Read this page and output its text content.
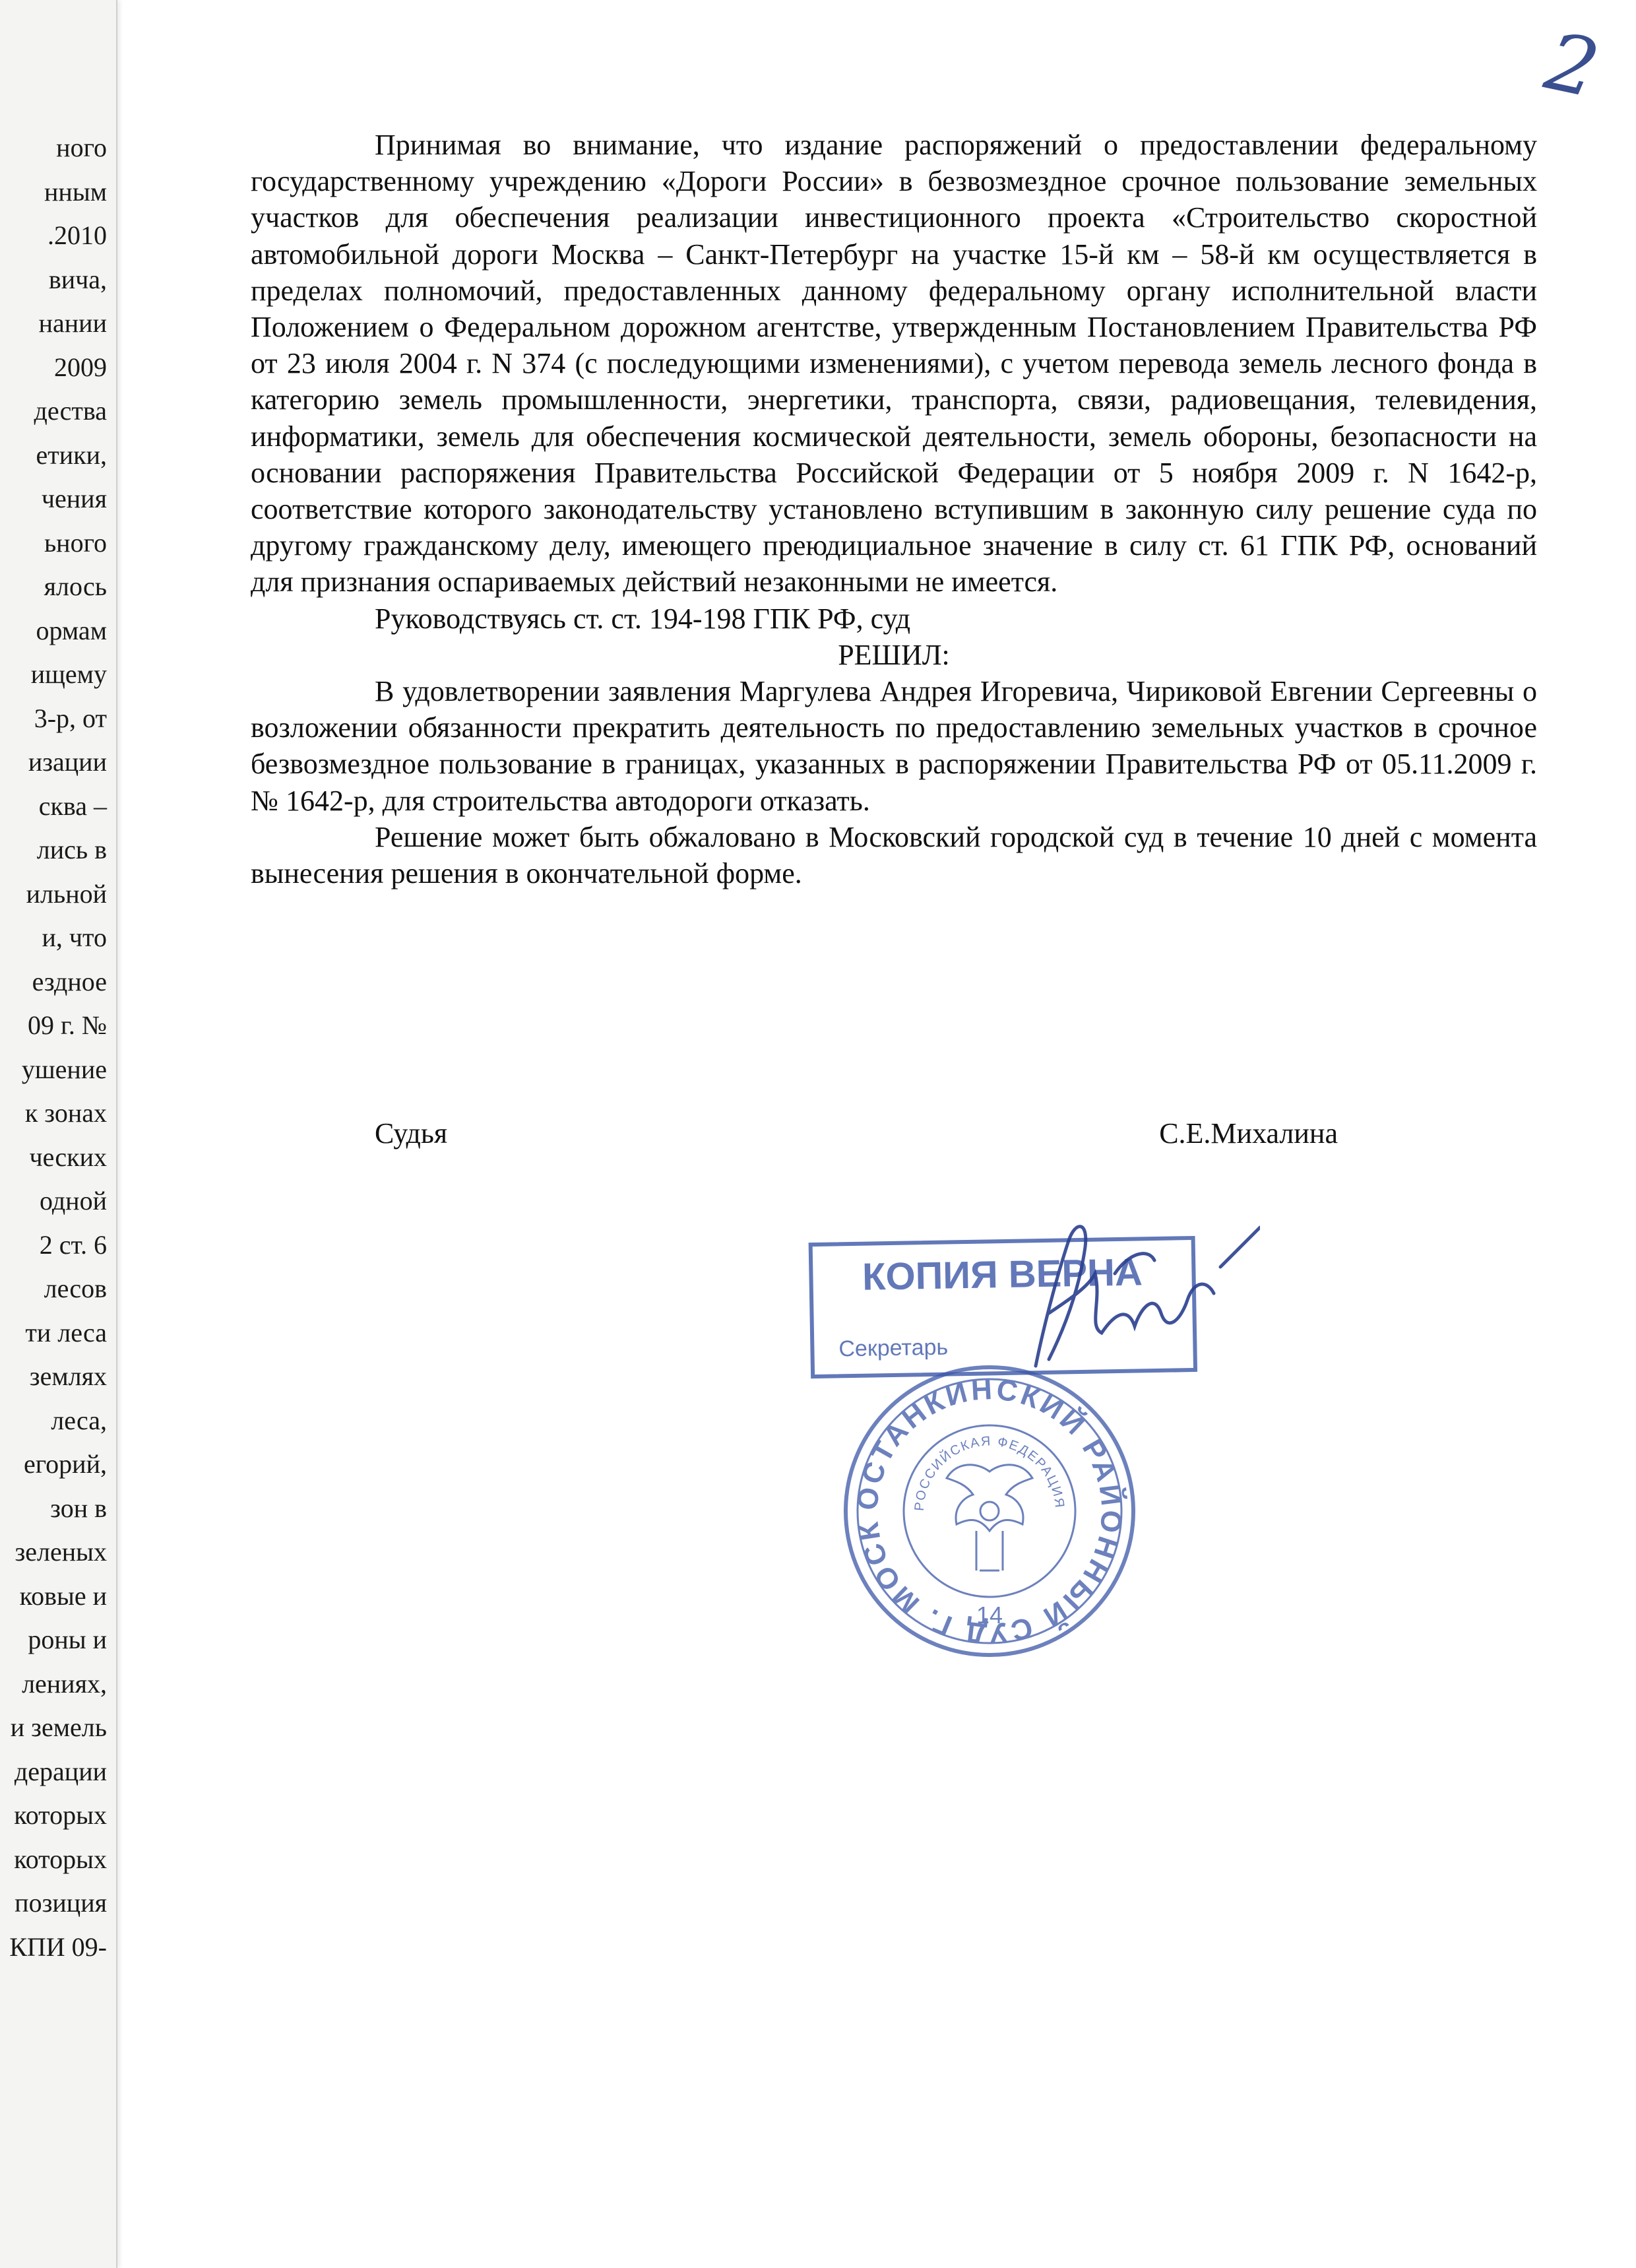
ного
нным
.2010
вича,
нании
2009
дества
етики,
чения
ьного
ялось
ормам
ищему
3-р, от
изации
сква –
лись в
ильной
и, что
ездное
09 г. №
ушение
к зонах
ческих
одной
2 ст. 6
лесов
ти леса
землях
леса,
егорий,
зон в
зеленых
ковые и
роны и
лениях,
и земель
дерации
которых
которых
позиция
КПИ 09-
2

Принимая во внимание, что издание распоряжений о предоставлении федеральному государственному учреждению «Дороги России» в безвозмездное срочное пользование земельных участков для обеспечения реализации инвестиционного проекта «Строительство скоростной автомобильной дороги Москва – Санкт-Петербург на участке 15-й км – 58-й км осуществляется в пределах полномочий, предоставленных данному федеральному органу исполнительной власти Положением о Федеральном дорожном агентстве, утвержденным Постановлением Правительства РФ от 23 июля 2004 г. N 374 (с последующими изменениями), с учетом перевода земель лесного фонда в категорию земель промышленности, энергетики, транспорта, связи, радиовещания, телевидения, информатики, земель для обеспечения космической деятельности, земель обороны, безопасности на основании распоряжения Правительства Российской Федерации от 5 ноября 2009 г. N 1642-р, соответствие которого законодательству установлено вступившим в законную силу решение суда по другому гражданскому делу, имеющего преюдициальное значение в силу ст. 61 ГПК РФ, оснований для признания оспариваемых действий незаконными не имеется.

Руководствуясь ст. ст. 194-198 ГПК РФ, суд

РЕШИЛ:

В удовлетворении заявления Маргулева Андрея Игоревича, Чириковой Евгении Сергеевны о возложении обязанности прекратить деятельность по предоставлению земельных участков в срочное безвозмездное пользование в границах, указанных в распоряжении Правительства РФ от 05.11.2009 г. № 1642-р, для строительства автодороги отказать.

Решение может быть обжаловано в Московский городской суд в течение 10 дней с момента вынесения решения в окончательной форме.

Судья	С.Е.Михалина
КОПИЯ ВЕРНА
Секретарь
ОСТАНКИНСКИЙ РАЙОННЫЙ СУД Г. МОСК
РОССИЙСКАЯ ФЕДЕРАЦИЯ
14
